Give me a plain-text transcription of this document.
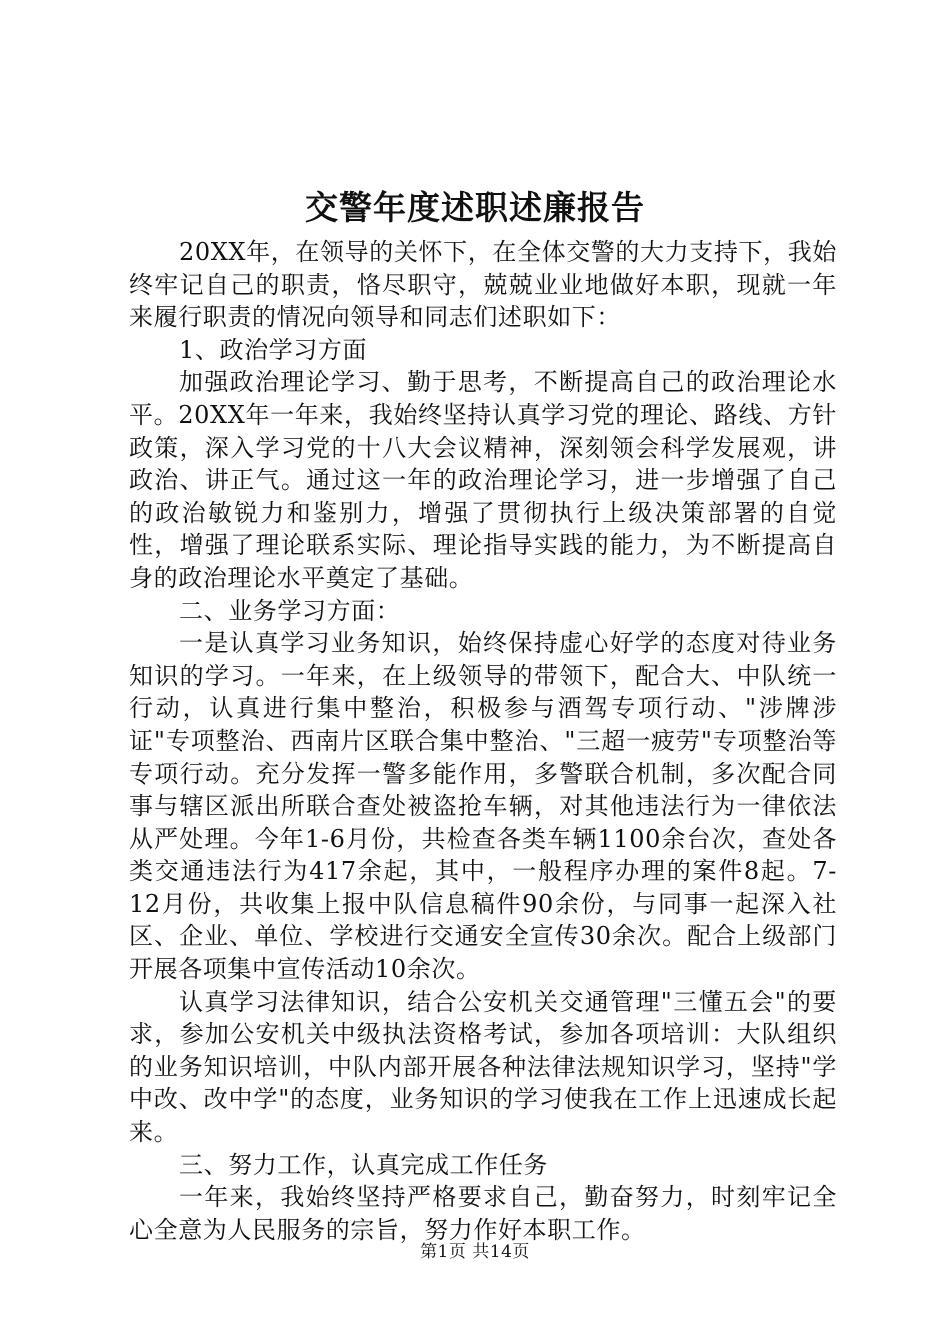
交警年度述职述廉报告

20XX年，在领导的关怀下，在全体交警的大力支持下，我始终牢记自己的职责，恪尽职守，兢兢业业地做好本职，现就一年来履行职责的情况向领导和同志们述职如下：

1、政治学习方面

加强政治理论学习、勤于思考，不断提高自己的政治理论水平。20XX年一年来，我始终坚持认真学习党的理论、路线、方针政策，深入学习党的十八大会议精神，深刻领会科学发展观，讲政治、讲正气。通过这一年的政治理论学习，进一步增强了自己的政治敏锐力和鉴别力，增强了贯彻执行上级决策部署的自觉性，增强了理论联系实际、理论指导实践的能力，为不断提高自身的政治理论水平奠定了基础。

二、业务学习方面：

一是认真学习业务知识，始终保持虚心好学的态度对待业务知识的学习。一年来，在上级领导的带领下，配合大、中队统一行动，认真进行集中整治，积极参与酒驾专项行动、"涉牌涉证"专项整治、西南片区联合集中整治、"三超一疲劳"专项整治等专项行动。充分发挥一警多能作用，多警联合机制，多次配合同事与辖区派出所联合查处被盗抢车辆，对其他违法行为一律依法从严处理。今年1-6月份，共检查各类车辆1100余台次，查处各类交通违法行为417余起，其中，一般程序办理的案件8起。7-12月份，共收集上报中队信息稿件90余份，与同事一起深入社区、企业、单位、学校进行交通安全宣传30余次。配合上级部门开展各项集中宣传活动10余次。

认真学习法律知识，结合公安机关交通管理"三懂五会"的要求，参加公安机关中级执法资格考试，参加各项培训：大队组织的业务知识培训，中队内部开展各种法律法规知识学习，坚持"学中改、改中学"的态度，业务知识的学习使我在工作上迅速成长起来。

三、努力工作，认真完成工作任务

一年来，我始终坚持严格要求自己，勤奋努力，时刻牢记全心全意为人民服务的宗旨，努力作好本职工作。

第1页 共14页
